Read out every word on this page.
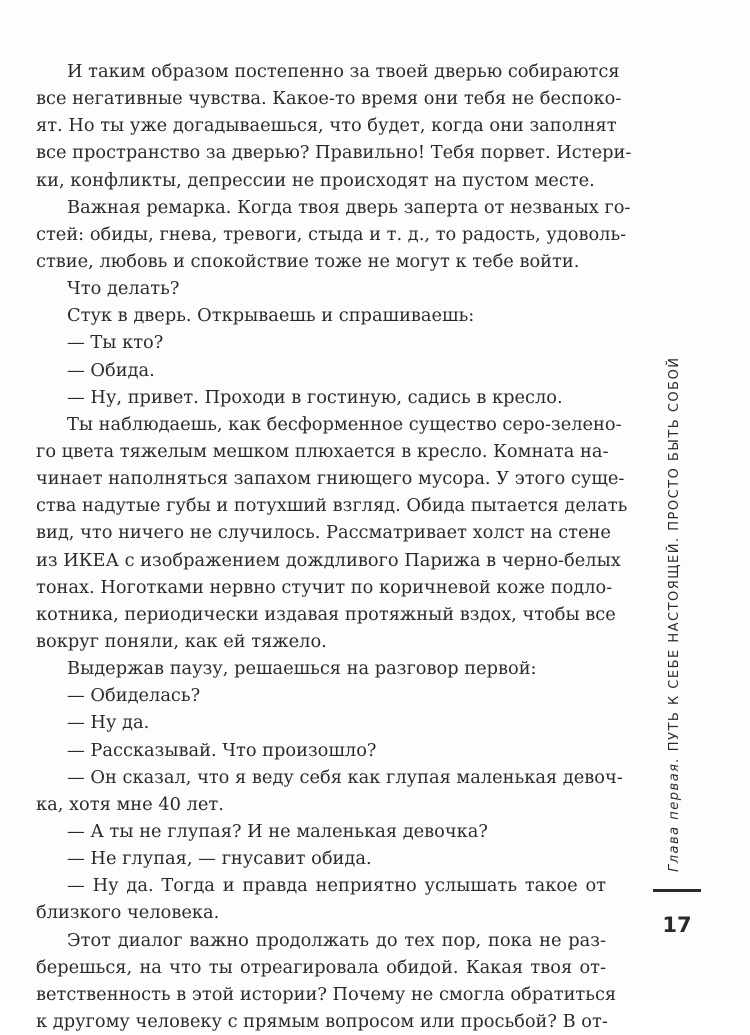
И таким образом постепенно за твоей дверью собираются
все негативные чувства. Какое-то время они тебя не беспоко-
ят. Но ты уже догадываешься, что будет, когда они заполнят
все пространство за дверью? Правильно! Тебя порвет. Истери-
ки, конфликты, депрессии не происходят на пустом месте.
Важная ремарка. Когда твоя дверь заперта от незваных го-
стей: обиды, гнева, тревоги, стыда и т. д., то радость, удоволь-
ствие, любовь и спокойствие тоже не могут к тебе войти.
Что делать?
Стук в дверь. Открываешь и спрашиваешь:
— Ты кто?
— Обида.
— Ну, привет. Проходи в гостиную, садись в кресло.
Ты наблюдаешь, как бесформенное существо серо-зелено-
го цвета тяжелым мешком плюхается в кресло. Комната на-
чинает наполняться запахом гниющего мусора. У этого суще-
ства надутые губы и потухший взгляд. Обида пытается делать
вид, что ничего не случилось. Рассматривает холст на стене
из ИКЕА с изображением дождливого Парижа в черно-белых
тонах. Ноготками нервно стучит по коричневой коже подло-
котника, периодически издавая протяжный вздох, чтобы все
вокруг поняли, как ей тяжело.
Выдержав паузу, решаешься на разговор первой:
— Обиделась?
— Ну да.
— Рассказывай. Что произошло?
— Он сказал, что я веду себя как глупая маленькая девоч-
ка, хотя мне 40 лет.
— А ты не глупая? И не маленькая девочка?
— Не глупая, — гнусавит обида.
— Ну да. Тогда и правда неприятно услышать такое от
близкого человека.
Этот диалог важно продолжать до тех пор, пока не раз-
берешься, на что ты отреагировала обидой. Какая твоя от-
ветственность в этой истории? Почему не смогла обратиться
к другому человеку с прямым вопросом или просьбой? В от-
Глава первая. ПУТЬ К СЕБЕ НАСТОЯЩЕЙ. ПРОСТО БЫТЬ СОБОЙ
17
